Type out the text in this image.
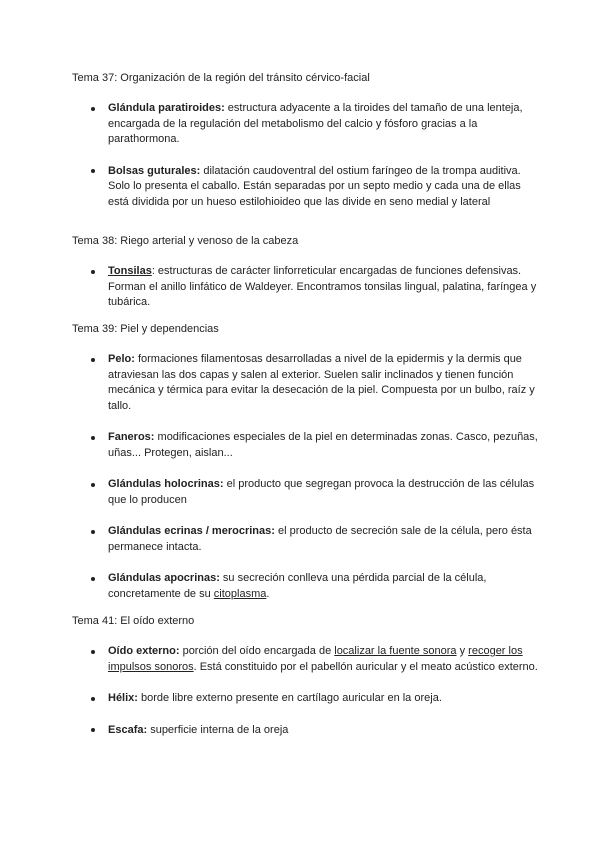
Tema 37: Organización de la región del tránsito cérvico-facial

Glándula paratiroides: estructura adyacente a la tiroides del tamaño de una lenteja, encargada de la regulación del metabolismo del calcio y fósforo gracias a la parathormona.
Bolsas guturales: dilatación caudoventral del ostium faríngeo de la trompa auditiva. Solo lo presenta el caballo. Están separadas por un septo medio y cada una de ellas está dividida por un hueso estilohioideo que las divide en seno medial y lateral

Tema 38: Riego arterial y venoso de la cabeza

Tonsilas: estructuras de carácter linforreticular encargadas de funciones defensivas. Forman el anillo linfático de Waldeyer. Encontramos tonsilas lingual, palatina, faríngea y tubárica.

Tema 39: Piel y dependencias

Pelo: formaciones filamentosas desarrolladas a nivel de la epidermis y la dermis que atraviesan las dos capas y salen al exterior. Suelen salir inclinados y tienen función mecánica y térmica para evitar la desecación de la piel. Compuesta por un bulbo, raíz y tallo.
Faneros: modificaciones especiales de la piel en determinadas zonas. Casco, pezuñas, uñas... Protegen, aislan...
Glándulas holocrinas: el producto que segregan provoca la destrucción de las células que lo producen
Glándulas ecrinas / merocrinas: el producto de secreción sale de la célula, pero ésta permanece intacta.
Glándulas apocrinas: su secreción conlleva una pérdida parcial de la célula, concretamente de su citoplasma.

Tema 41: El oído externo

Oído externo: porción del oído encargada de localizar la fuente sonora y recoger los impulsos sonoros. Está constituido por el pabellón auricular y el meato acústico externo.
Hélix: borde libre externo presente en cartílago auricular en la oreja.
Escafa: superficie interna de la oreja
